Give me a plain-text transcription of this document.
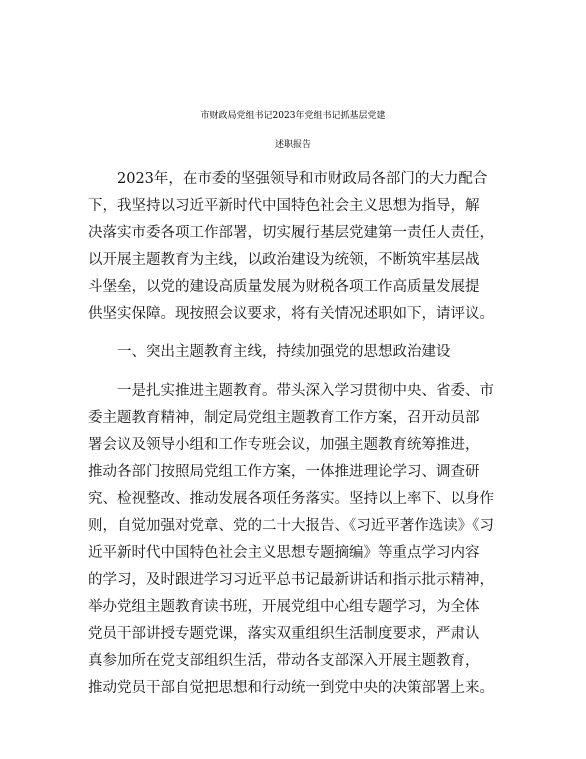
市财政局党组书记2023年党组书记抓基层党建
述职报告
2023年，在市委的坚强领导和市财政局各部门的大力配合
下，我坚持以习近平新时代中国特色社会主义思想为指导，解
决落实市委各项工作部署，切实履行基层党建第一责任人责任，
以开展主题教育为主线，以政治建设为统领，不断筑牢基层战
斗堡垒，以党的建设高质量发展为财税各项工作高质量发展提
供坚实保障。现按照会议要求，将有关情况述职如下，请评议。
一、突出主题教育主线，持续加强党的思想政治建设
一是扎实推进主题教育。带头深入学习贯彻中央、省委、市
委主题教育精神，制定局党组主题教育工作方案，召开动员部
署会议及领导小组和工作专班会议，加强主题教育统筹推进，
推动各部门按照局党组工作方案，一体推进理论学习、调查研
究、检视整改、推动发展各项任务落实。坚持以上率下、以身作
则，自觉加强对党章、党的二十大报告、《习近平著作选读》《习
近平新时代中国特色社会主义思想专题摘编》等重点学习内容
的学习，及时跟进学习习近平总书记最新讲话和指示批示精神，
举办党组主题教育读书班，开展党组中心组专题学习，为全体
党员干部讲授专题党课，落实双重组织生活制度要求，严肃认
真参加所在党支部组织生活，带动各支部深入开展主题教育，
推动党员干部自觉把思想和行动统一到党中央的决策部署上来。
